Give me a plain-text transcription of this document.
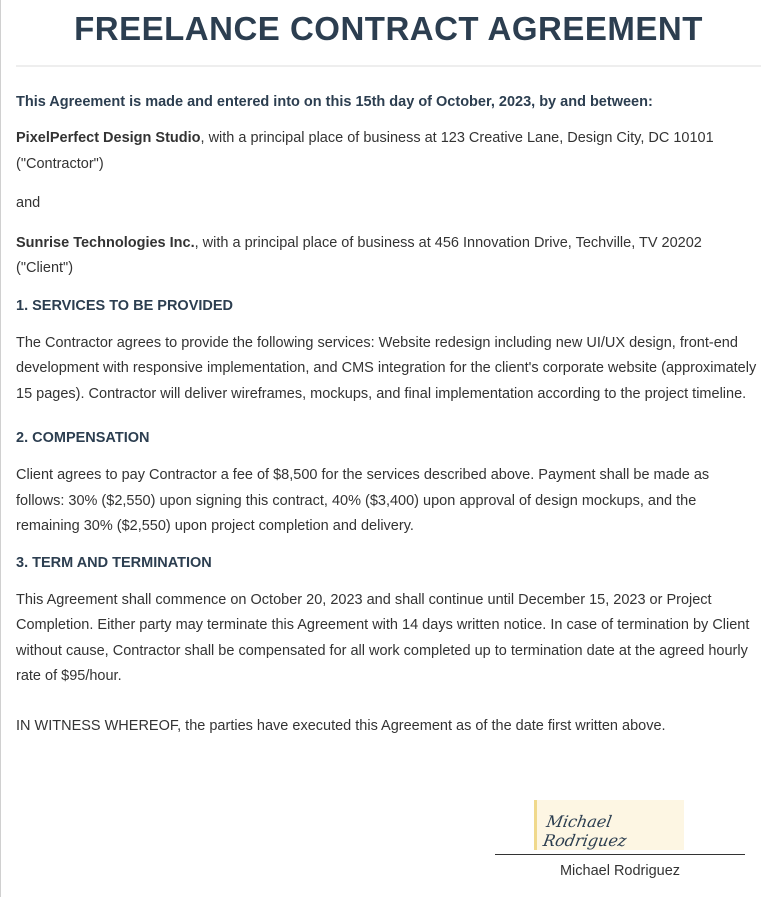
FREELANCE CONTRACT AGREEMENT

This Agreement is made and entered into on this 15th day of October, 2023, by and between:

PixelPerfect Design Studio, with a principal place of business at 123 Creative Lane, Design City, DC 10101 ("Contractor")

and

Sunrise Technologies Inc., with a principal place of business at 456 Innovation Drive, Techville, TV 20202 ("Client")

1. SERVICES TO BE PROVIDED

The Contractor agrees to provide the following services: Website redesign including new UI/UX design, front-end development with responsive implementation, and CMS integration for the client's corporate website (approximately 15 pages). Contractor will deliver wireframes, mockups, and final implementation according to the project timeline.

2. COMPENSATION

Client agrees to pay Contractor a fee of $8,500 for the services described above. Payment shall be made as follows: 30% ($2,550) upon signing this contract, 40% ($3,400) upon approval of design mockups, and the remaining 30% ($2,550) upon project completion and delivery.

3. TERM AND TERMINATION

This Agreement shall commence on October 20, 2023 and shall continue until December 15, 2023 or Project Completion. Either party may terminate this Agreement with 14 days written notice. In case of termination by Client without cause, Contractor shall be compensated for all work completed up to termination date at the agreed hourly rate of $95/hour.

IN WITNESS WHEREOF, the parties have executed this Agreement as of the date first written above.

Michael Rodriguez
Michael Rodriguez
